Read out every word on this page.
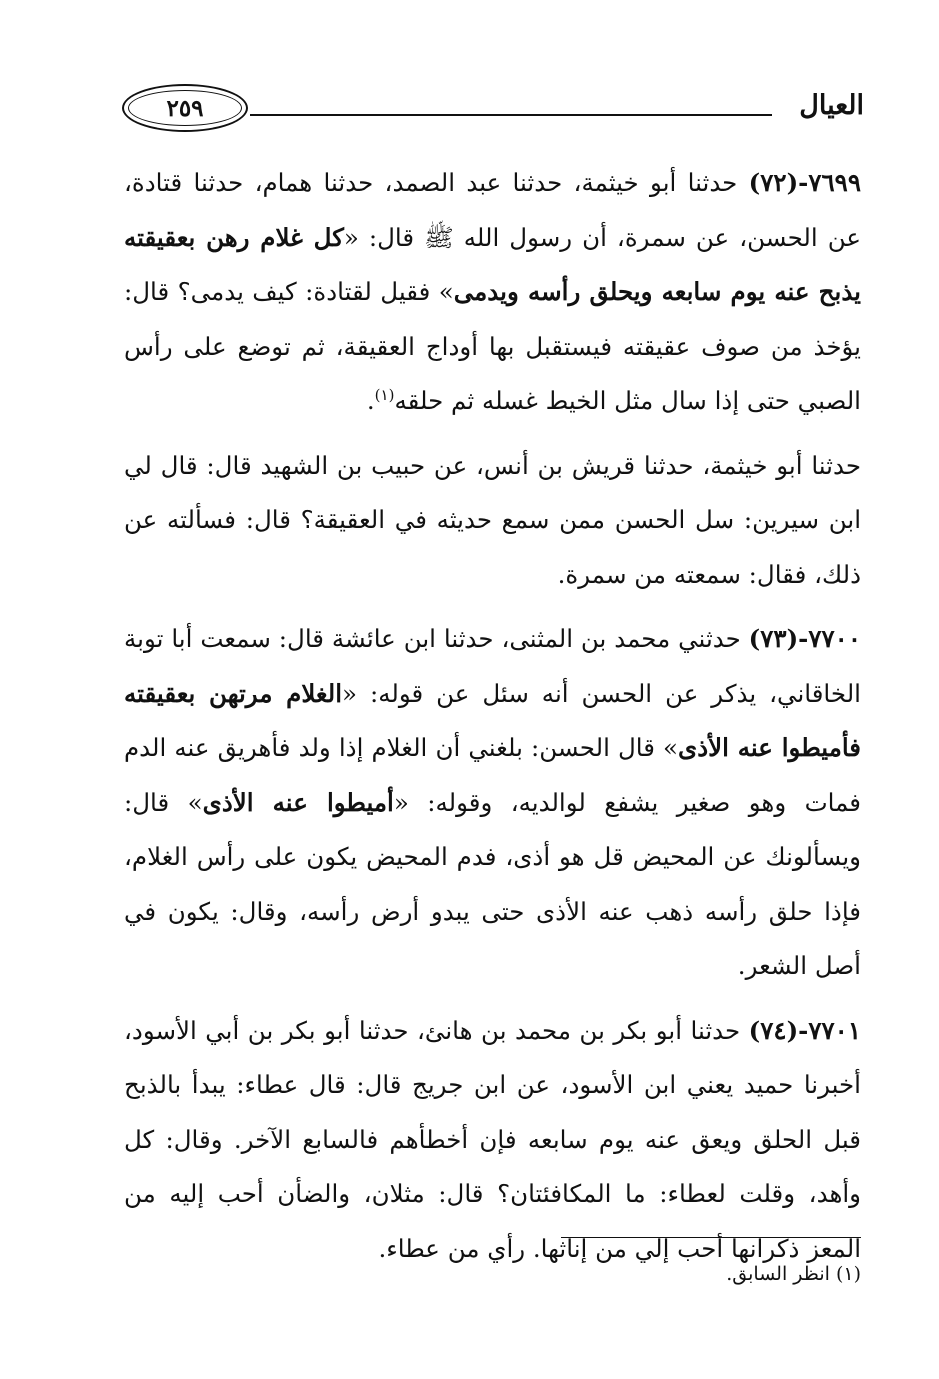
العيال
٢٥٩

٧٦٩٩-(٧٢) حدثنا أبو خيثمة، حدثنا عبد الصمد، حدثنا همام، حدثنا قتادة، عن الحسن، عن سمرة، أن رسول الله ﷺ قال: «كل غلام رهن بعقيقته يذبح عنه يوم سابعه ويحلق رأسه ويدمى» فقيل لقتادة: كيف يدمى؟ قال: يؤخذ من صوف عقيقته فيستقبل بها أوداج العقيقة، ثم توضع على رأس الصبي حتى إذا سال مثل الخيط غسله ثم حلقه$^{(١)}$.

حدثنا أبو خيثمة، حدثنا قريش بن أنس، عن حبيب بن الشهيد قال: قال لي ابن سيرين: سل الحسن ممن سمع حديثه في العقيقة؟ قال: فسألته عن ذلك، فقال: سمعته من سمرة.

٧٧٠٠-(٧٣) حدثني محمد بن المثنى، حدثنا ابن عائشة قال: سمعت أبا توبة الخاقاني، يذكر عن الحسن أنه سئل عن قوله: «الغلام مرتهن بعقيقته فأميطوا عنه الأذى» قال الحسن: بلغني أن الغلام إذا ولد فأهريق عنه الدم فمات وهو صغير يشفع لوالديه، وقوله: «أميطوا عنه الأذى» قال: ويسألونك عن المحيض قل هو أذى، فدم المحيض يكون على رأس الغلام، فإذا حلق رأسه ذهب عنه الأذى حتى يبدو أرض رأسه، وقال: يكون في أصل الشعر.

٧٧٠١-(٧٤) حدثنا أبو بكر بن محمد بن هانئ، حدثنا أبو بكر بن أبي الأسود، أخبرنا حميد يعني ابن الأسود، عن ابن جريج قال: قال عطاء: يبدأ بالذبح قبل الحلق ويعق عنه يوم سابعه فإن أخطأهم فالسابع الآخر. وقال: كل وأهد، وقلت لعطاء: ما المكافئتان؟ قال: مثلان، والضأن أحب إليه من المعز ذكرانها أحب إلي من إناثها. رأي من عطاء.

(١) انظر السابق.
